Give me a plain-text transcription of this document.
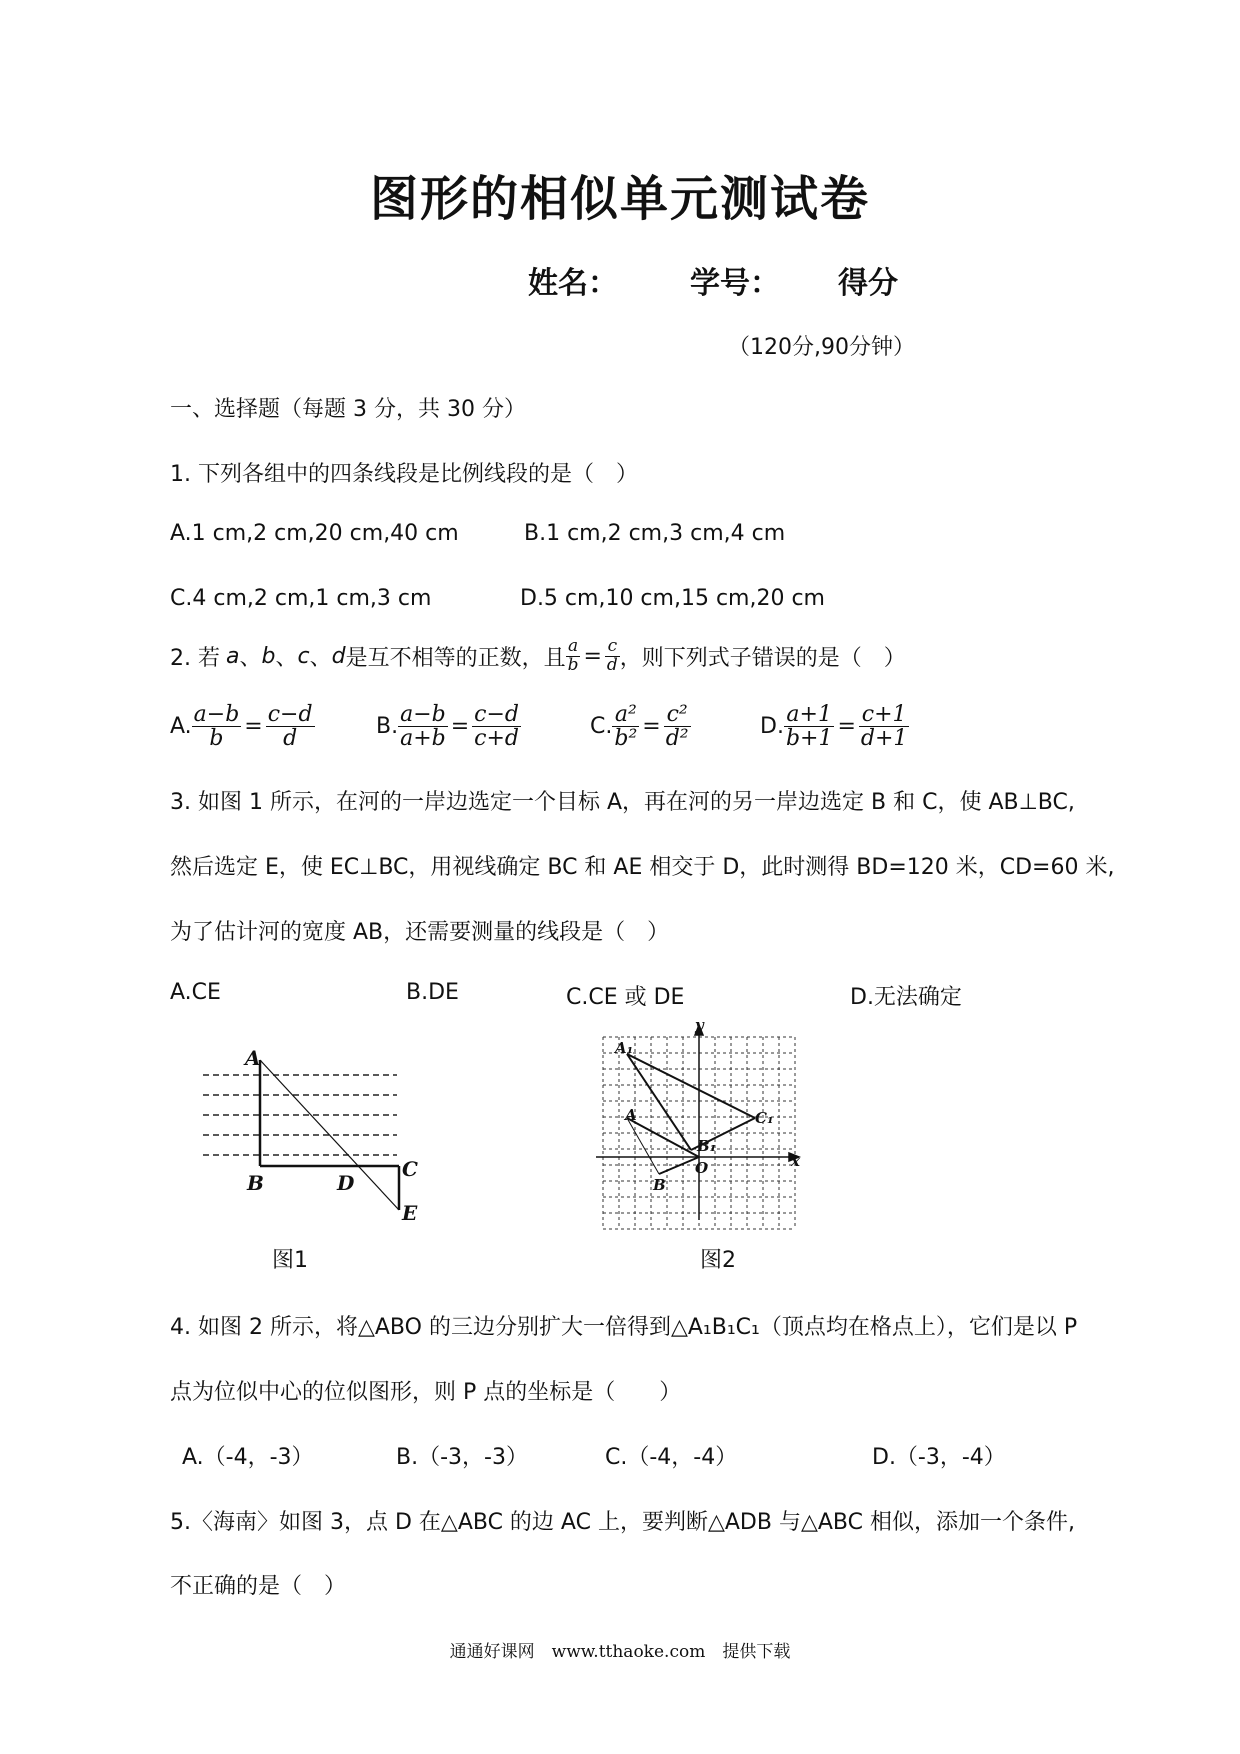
图形的相似单元测试卷
姓名： 学号： 得分
（120分,90分钟）
一、选择题（每题 3 分，共 30 分）
1. 下列各组中的四条线段是比例线段的是（　）
A.1 cm,2 cm,20 cm,40 cm	B.1 cm,2 cm,3 cm,4 cm
C.4 cm,2 cm,1 cm,3 cm	D.5 cm,10 cm,15 cm,20 cm
2. 若 a 、 b 、 c 、 d 是互不相等的正数，且 $\frac{a}{b} = \frac{c}{d}$ ，则下列式子错误的是（　）
A. $\frac{a-b}{b} = \frac{c-d}{d}$	B. $\frac{a-b}{a+b} = \frac{c-d}{c+d}$	C. $\frac{\text{a²}}{\text{b²}} = \frac{\text{c²}}{\text{d²}}$	D. $\frac{a+1}{b+1} = \frac{c+1}{d+1}$
3. 如图 1 所示，在河的一岸边选定一个目标 A，再在河的另一岸边选定 B 和 C，使 AB⊥BC,
然后选定 E，使 EC⊥BC，用视线确定 BC 和 AE 相交于 D，此时测得 BD=120 米，CD=60 米,
为了估计河的宽度 AB，还需要测量的线段是（　）
A.CE	B.DE	C.CE 或 DE	D.无法确定
A
B	D
C
E
图1
y
x
A₁
A	C₁
B₁
O
B
图2
4. 如图 2 所示，将△ABO 的三边分别扩大一倍得到△A₁B₁C₁（顶点均在格点上），它们是以 P
点为位似中心的位似图形，则 P 点的坐标是（　　）
A.（-4，-3）	B.（-3，-3）	C.（-4，-4）	D.（-3，-4）
5.〈海南〉如图 3，点 D 在△ABC 的边 AC 上，要判断△ADB 与△ABC 相似，添加一个条件,
不正确的是（　）
通通好课网　www.tthaoke.com　提供下载
